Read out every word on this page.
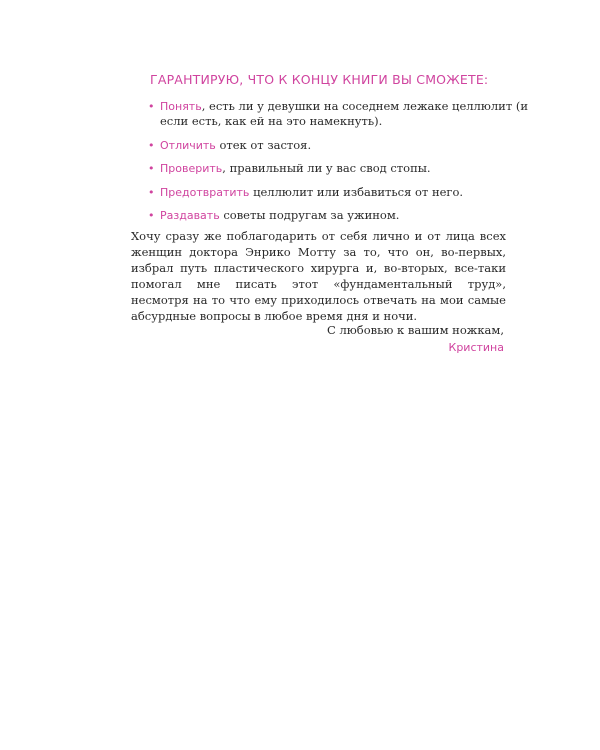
ГАРАНТИРУЮ, ЧТО К КОНЦУ КНИГИ ВЫ СМОЖЕТЕ:
• Понять, есть ли у девушки на соседнем лежаке целлюлит (и если есть, как ей на это намекнуть).
• Отличить отек от застоя.
• Проверить, правильный ли у вас свод стопы.
• Предотвратить целлюлит или избавиться от него.
• Раздавать советы подругам за ужином.

Хочу сразу же поблагодарить от себя лично и от лица всех женщин доктора Энрико Мотту за то, что он, во-первых, избрал путь пластического хирурга и, во-вторых, все-таки помогал мне писать этот «фундаментальный труд», несмотря на то что ему приходилось отвечать на мои самые абсурдные вопросы в любое время дня и ночи.

С любовью к вашим ножкам,
Кристина
